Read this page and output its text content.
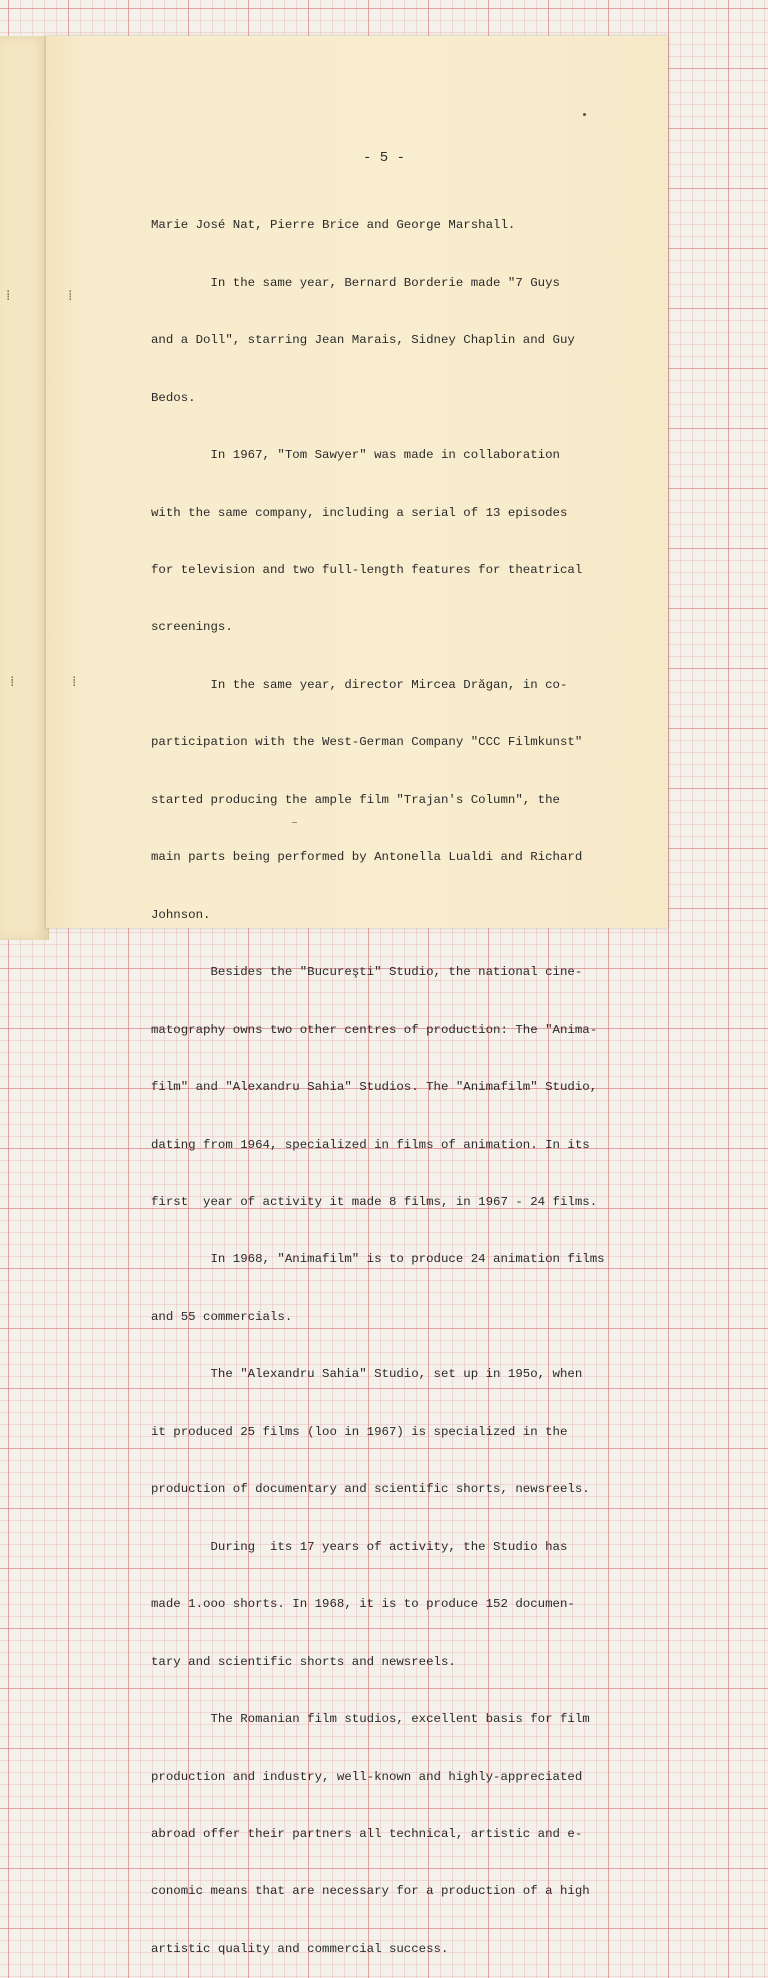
⁞	⁞
⁞	⁞
- 5 -

Marie José Nat, Pierre Brice and George Marshall.

In the same year, Bernard Borderie made "7 Guys

and a Doll", starring Jean Marais, Sidney Chaplin and Guy

Bedos.

In 1967, "Tom Sawyer" was made in collaboration

with the same company, including a serial of 13 episodes

for television and two full-length features for theatrical

screenings.

In the same year, director Mircea Drăgan, in co-

participation with the West-German Company "CCC Filmkunst"

started producing the ample film "Trajan's Column", the

main parts being performed by Antonella Lualdi and Richard

Johnson.

Besides the "Bucureşti" Studio, the national cine-

matography owns two other centres of production: The "Anima-

film" and "Alexandru Sahia" Studios. The "Animafilm" Studio,

dating from 1964, specialized in films of animation. In its

first  year of activity it made 8 films, in 1967 - 24 films.

In 1968, "Animafilm" is to produce 24 animation films

and 55 commercials.

The "Alexandru Sahia" Studio, set up in 195o, when

it produced 25 films (loo in 1967) is specialized in the

production of documentary and scientific shorts, newsreels.

During  its 17 years of activity, the Studio has

made 1.ooo shorts. In 1968, it is to produce 152 documen-

tary and scientific shorts and newsreels.

The Romanian film studios, excellent basis for film

production and industry, well-known and highly-appreciated

abroad offer their partners all technical, artistic and e-

conomic means that are necessary for a production of a high

artistic quality and commercial success.
